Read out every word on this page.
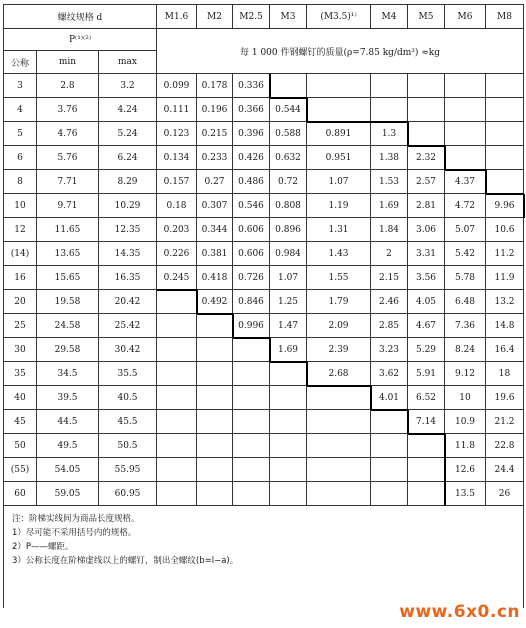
螺纹规格 d			M1.6	M2	M2.5	M3	(M3.5)¹⁾	M4	M5	M6	M8	
P⁽¹⁾⁽²⁾			每 1 000 件钢螺钉的质量(ρ=7.85 kg/dm³) ≈kg									
公称	min	max										
3	2.8	3.2	0.099	0.178	0.336							
4	3.76	4.24	0.111	0.196	0.366	0.544						
5	4.76	5.24	0.123	0.215	0.396	0.588	0.891	1.3				
6	5.76	6.24	0.134	0.233	0.426	0.632	0.951	1.38	2.32			
8	7.71	8.29	0.157	0.27	0.486	0.72	1.07	1.53	2.57	4.37		
10	9.71	10.29	0.18	0.307	0.546	0.808	1.19	1.69	2.81	4.72	9.96	
12	11.65	12.35	0.203	0.344	0.606	0.896	1.31	1.84	3.06	5.07	10.6	
(14)	13.65	14.35	0.226	0.381	0.606	0.984	1.43	2	3.31	5.42	11.2	
16	15.65	16.35	0.245	0.418	0.726	1.07	1.55	2.15	3.56	5.78	11.9	
20	19.58	20.42		0.492	0.846	1.25	1.79	2.46	4.05	6.48	13.2	
25	24.58	25.42			0.996	1.47	2.09	2.85	4.67	7.36	14.8	
30	29.58	30.42				1.69	2.39	3.23	5.29	8.24	16.4	
35	34.5	35.5					2.68	3.62	5.91	9.12	18	
40	39.5	40.5						4.01	6.52	10	19.6	
45	44.5	45.5							7.14	10.9	21.2	
50	49.5	50.5								11.8	22.8	
(55)	54.05	55.95								12.6	24.4	
60	59.05	60.95								13.5	26	

注：阶梯实线间为商品长度规格。
1）尽可能不采用括号内的规格。
2）P——螺距。
3）公称长度在阶梯虚线以上的螺钉，制出全螺纹(b=l−a)。												
www.6x0.cn
